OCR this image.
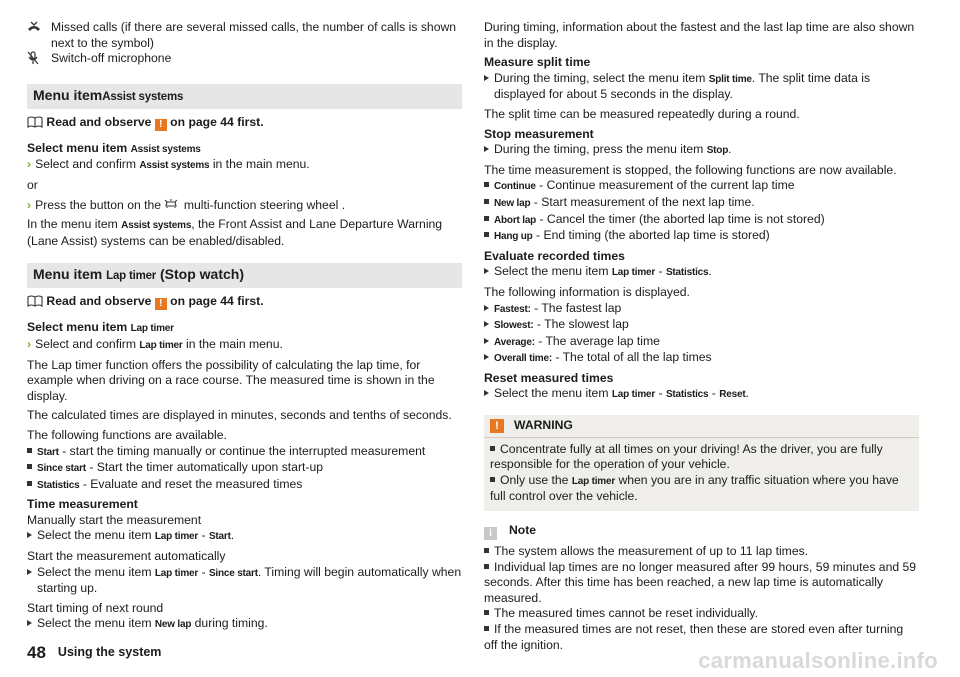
Missed calls (if there are several missed calls, the number of calls is shown next to the symbol)

Switch-off microphone

Menu itemAssist systems

Read and observe ! on page 44 first.

Select menu item Assist systems

› Select and confirm Assist systems in the main menu.

or

› Press the button on the multi-function steering wheel .

In the menu item Assist systems, the Front Assist and Lane Departure Warning (Lane Assist) systems can be enabled/disabled.

Menu item Lap timer (Stop watch)

Read and observe ! on page 44 first.

Select menu item Lap timer

› Select and confirm Lap timer in the main menu.

The Lap timer function offers the possibility of calculating the lap time, for example when driving on a race course. The measured time is shown in the display.

The calculated times are displayed in minutes, seconds and tenths of seconds.

The following functions are available.

Start - start the timing manually or continue the interrupted measurement

Since start - Start the timer automatically upon start-up

Statistics - Evaluate and reset the measured times

Time measurement

Manually start the measurement

Select the menu item Lap timer - Start.

Start the measurement automatically

Select the menu item Lap timer - Since start. Timing will begin automatically when starting up.

Start timing of next round

Select the menu item New lap during timing.

During timing, information about the fastest and the last lap time are also shown in the display.

Measure split time

During the timing, select the menu item Split time. The split time data is displayed for about 5 seconds in the display.

The split time can be measured repeatedly during a round.

Stop measurement

During the timing, press the menu item Stop.

The time measurement is stopped, the following functions are now available.

Continue - Continue measurement of the current lap time

New lap - Start measurement of the next lap time.

Abort lap - Cancel the timer (the aborted lap time is not stored)

Hang up - End timing (the aborted lap time is stored)

Evaluate recorded times

Select the menu item Lap timer - Statistics.

The following information is displayed.

Fastest: - The fastest lap

Slowest: - The slowest lap

Average: - The average lap time

Overall time: - The total of all the lap times

Reset measured times

Select the menu item Lap timer - Statistics - Reset.

!	WARNING

Concentrate fully at all times on your driving! As the driver, you are fully responsible for the operation of your vehicle.

Only use the Lap timer when you are in any traffic situation where you have full control over the vehicle.

i Note

The system allows the measurement of up to 11 lap times.

Individual lap times are no longer measured after 99 hours, 59 minutes and 59 seconds. After this time has been reached, a new lap time is automatically measured.

The measured times cannot be reset individually.

If the measured times are not reset, then these are stored even after turning off the ignition.

48 Using the system	carmanualsonline.info
